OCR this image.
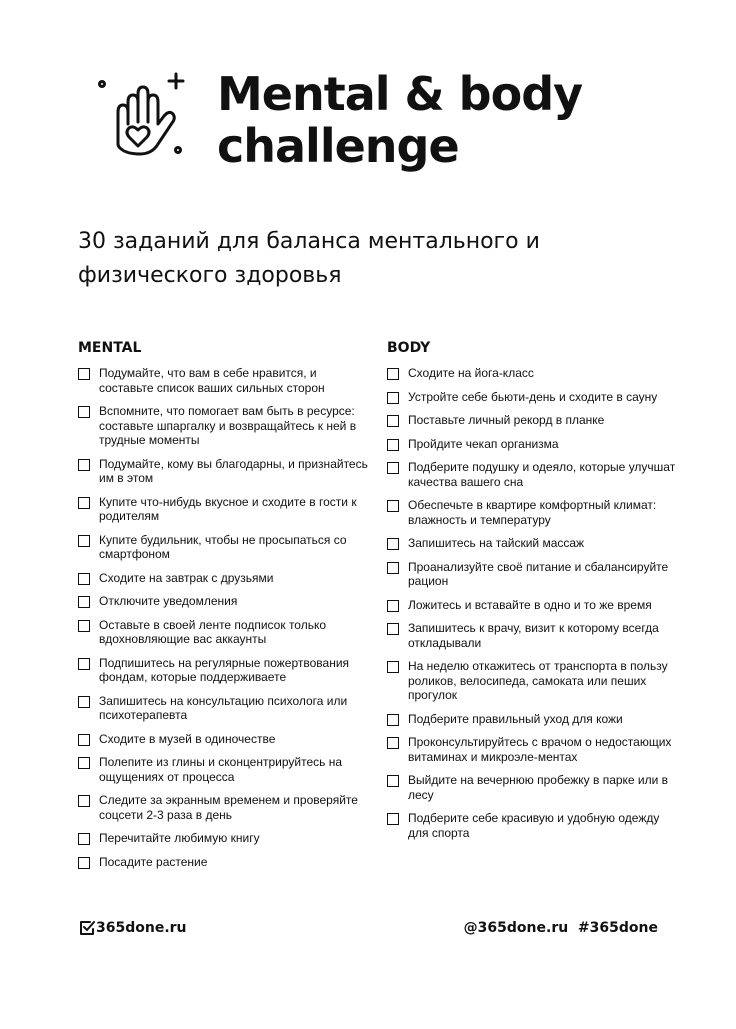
Mental & body
challenge

30 заданий для баланса ментального и физического здоровья

MENTAL
Подумайте, что вам в себе нравится, и составьте список ваших сильных сторон
Вспомните, что помогает вам быть в ресурсе: составьте шпаргалку и возвращайтесь к ней в трудные моменты
Подумайте, кому вы благодарны, и признайтесь им в этом
Купите что-нибудь вкусное и сходите в гости к родителям
Купите будильник, чтобы не просыпаться со смартфоном
Сходите на завтрак с друзьями
Отключите уведомления
Оставьте в своей ленте подписок только вдохновляющие вас аккаунты
Подпишитесь на регулярные пожертвования фондам, которые поддерживаете
Запишитесь на консультацию психолога или психотерапевта
Сходите в музей в одиночестве
Полепите из глины и сконцентрируйтесь на ощущениях от процесса
Следите за экранным временем и проверяйте соцсети 2-3 раза в день
Перечитайте любимую книгу
Посадите растение
BODY
Сходите на йога-класс
Устройте себе бьюти-день и сходите в сауну
Поставьте личный рекорд в планке
Пройдите чекап организма
Подберите подушку и одеяло, которые улучшат качества вашего сна
Обеспечьте в квартире комфортный климат: влажность и температуру
Запишитесь на тайский массаж
Проанализуйте своё питание и сбалансируйте рацион
Ложитесь и вставайте в одно и то же время
Запишитесь к врачу, визит к которому всегда откладывали
На неделю откажитесь от транспорта в пользу роликов, велосипеда, самоката или пеших прогулок
Подберите правильный уход для кожи
Проконсультируйтесь с врачом о недостающих витаминах и микроэле-ментах
Выйдите на вечернюю пробежку в парке или в лесу
Подберите себе красивую и удобную одежду для спорта
365done.ru	@365done.ru  #365done
